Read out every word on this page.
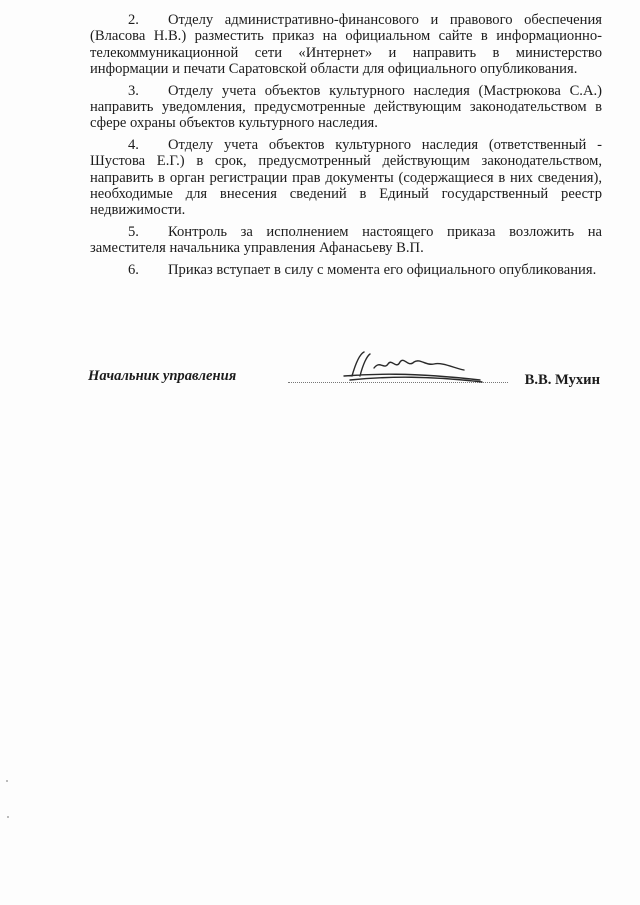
2. Отделу административно-финансового и правового обеспечения (Власова Н.В.) разместить приказ на официальном сайте в информационно-телекоммуникационной сети «Интернет» и направить в министерство информации и печати Саратовской области для официального опубликования.

3. Отделу учета объектов культурного наследия (Мастрюкова С.А.) направить уведомления, предусмотренные действующим законодательством в сфере охраны объектов культурного наследия.

4. Отделу учета объектов культурного наследия (ответственный - Шустова Е.Г.) в срок, предусмотренный действующим законодательством, направить в орган регистрации прав документы (содержащиеся в них сведения), необходимые для внесения сведений в Единый государственный реестр недвижимости.

5. Контроль за исполнением настоящего приказа возложить на заместителя начальника управления Афанасьеву В.П.

6. Приказ вступает в силу с момента его официального опубликования.

Начальник управления	В.В. Мухин
